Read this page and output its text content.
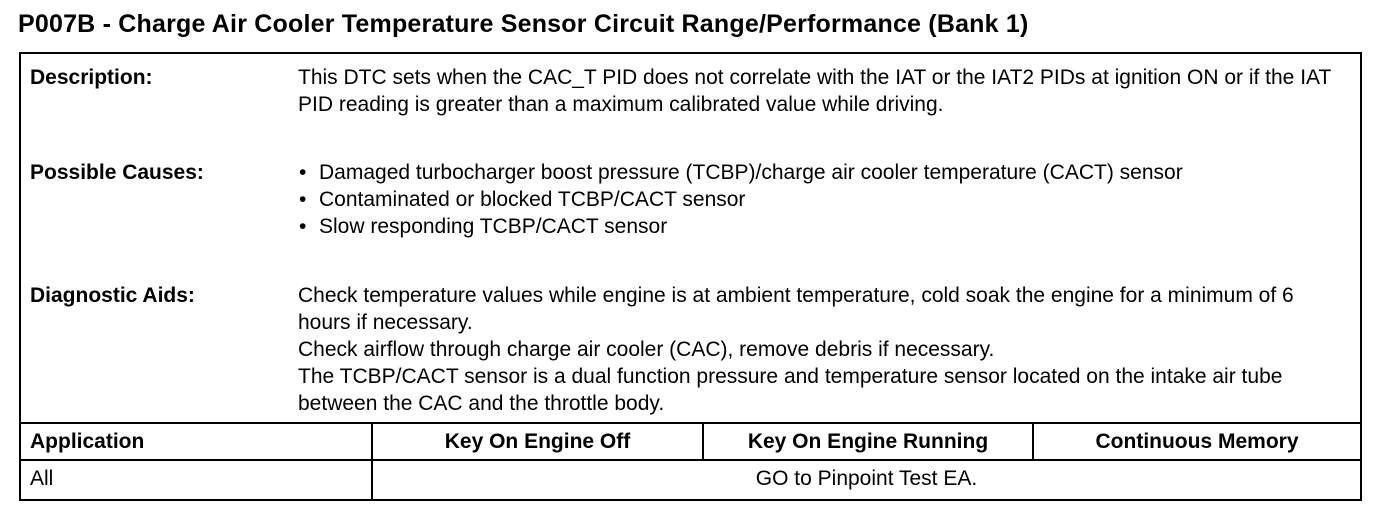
P007B - Charge Air Cooler Temperature Sensor Circuit Range/Performance (Bank 1)
Description:	This DTC sets when the CAC_T PID does not correlate with the IAT or the IAT2 PIDs at ignition ON or if the IAT PID reading is greater than a maximum calibrated value while driving.

Possible Causes:	• Damaged turbocharger boost pressure (TCBP)/charge air cooler temperature (CACT) sensor
• Contaminated or blocked TCBP/CACT sensor
• Slow responding TCBP/CACT sensor
Diagnostic Aids:	Check temperature values while engine is at ambient temperature, cold soak the engine for a minimum of 6 hours if necessary.

Check airflow through charge air cooler (CAC), remove debris if necessary.

The TCBP/CACT sensor is a dual function pressure and temperature sensor located on the intake air tube between the CAC and the throttle body.

Application	Key On Engine Off	Key On Engine Running	Continuous Memory
All	GO to Pinpoint Test EA.
